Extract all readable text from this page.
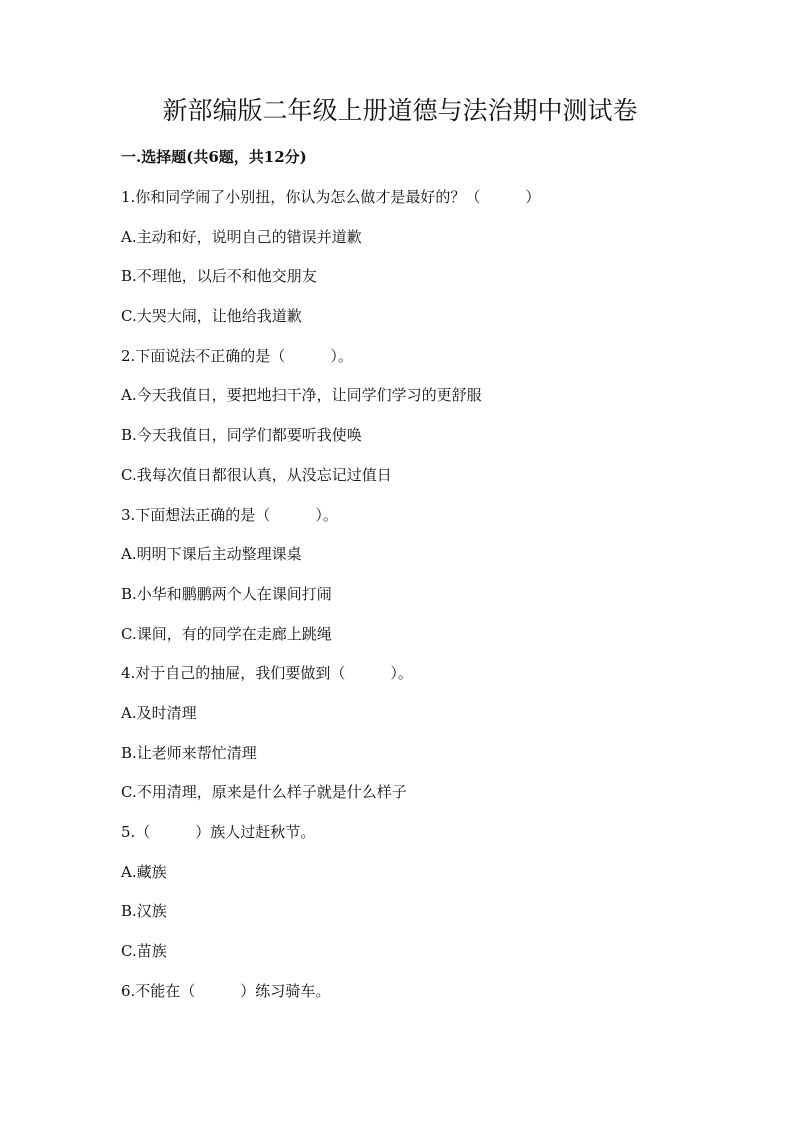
新部编版二年级上册道德与法治期中测试卷
一.选择题(共6题，共12分)
1.你和同学闹了小别扭，你认为怎么做才是最好的？（　　　）
A.主动和好，说明自己的错误并道歉
B.不理他，以后不和他交朋友
C.大哭大闹，让他给我道歉
2.下面说法不正确的是（　　　）。
A.今天我值日，要把地扫干净，让同学们学习的更舒服
B.今天我值日，同学们都要听我使唤
C.我每次值日都很认真，从没忘记过值日
3.下面想法正确的是（　　　）。
A.明明下课后主动整理课桌
B.小华和鹏鹏两个人在课间打闹
C.课间，有的同学在走廊上跳绳
4.对于自己的抽屉，我们要做到（　　　）。
A.及时清理
B.让老师来帮忙清理
C.不用清理，原来是什么样子就是什么样子
5.（　　　）族人过赶秋节。
A.藏族
B.汉族
C.苗族
6.不能在（　　　）练习骑车。
